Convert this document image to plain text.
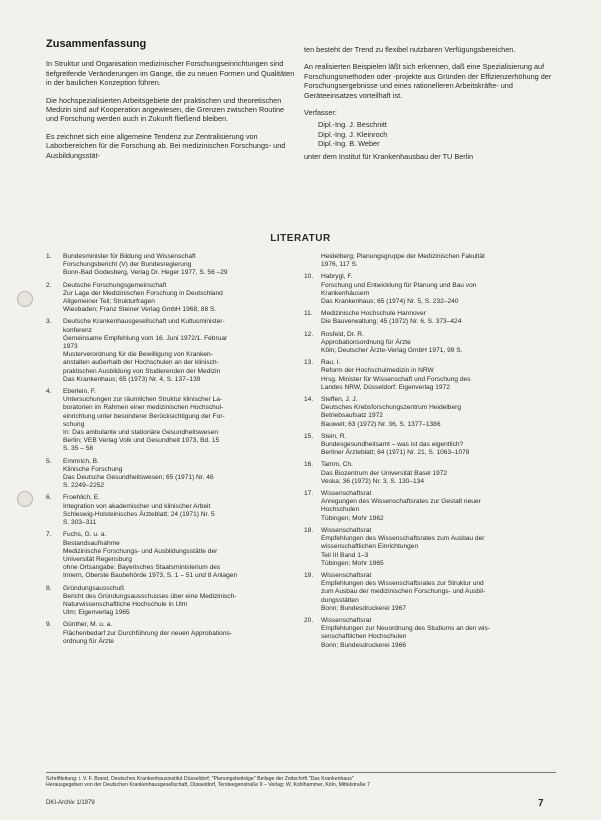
Zusammenfassung

In Struktur und Organisation medizinischer Forschungseinrichtungen sind tiefgreifende Veränderungen im Gange, die zu neuen Formen und Qualitäten in der baulichen Konzeption führen.

Die hochspezialisierten Arbeitsgebiete der praktischen und theoretischen Medizin sind auf Kooperation angewiesen, die Grenzen zwischen Routine und Forschung werden auch in Zukunft fließend bleiben.

Es zeichnet sich eine allgemeine Tendenz zur Zentralisierung von Laborbereichen für die Forschung ab. Bei medizinischen Forschungs- und Ausbildungsstät-

ten besteht der Trend zu flexibel nutzbaren Verfügungsbereichen.

An realisierten Beispielen läßt sich erkennen, daß eine Spezialisierung auf Forschungsmethoden oder -projekte aus Gründen der Effizienzerhöhung der Forschungsergebnisse und eines rationelleren Arbeitskräfte- und Geräteeinsatzes vorteilhaft ist.

Verfasser:

Dipl.-Ing. J. Beschnitt
Dipl.-Ing. J. Kleinroch
Dipl.-Ing. B. Weber

unter dem Institut für Krankenhausbau der TU Berlin

LITERATUR
1.	Bundesminister für Bildung und Wissenschaft
Forschungsbericht (V) der Bundesregierung
Bonn-Bad Godesberg, Verlag Dr. Heger 1977, S. 56 –29
2.	Deutsche Forschungsgemeinschaft
Zur Lage der Medizinischen Forschung in Deutschland
Allgemeiner Teil; Strukturfragen
Wiesbaden; Franz Steiner Verlag GmbH 1968, 88 S.
3.	Deutsche Krankenhausgesellschaft und Kultusminister-
konferenz
Gemeinsame Empfehlung vom 16. Juni 1972/1. Februar
1973
Musterverordnung für die Bewilligung von Kranken-
anstalten außerhalb der Hochschulen an der klinisch-
praktischen Ausbildung von Studierenden der Medizin
Das Krankenhaus; 65 (1973) Nr. 4, S. 137–139
4.	Eberlein, F.
Untersuchungen zur räumlichen Struktur klinischer La-
boratorien im Rahmen einer medizinischen Hochschul-
einrichtung unter besonderer Berücksichtigung der For-
schung
In: Das ambulante und stationäre Gesundheitswesen
Berlin; VEB Verlag Volk und Gesundheit 1973, Bd. 15
S. 35 – 58
5.	Emmrich, B.
Klinische Forschung
Das Deutsche Gesundheitswesen; 65 (1971) Nr. 46
S. 2249–2252
6.	Froehlich, E.
Integration von akademischer und klinischer Arbeit
Schleswig-Holsteinisches Ärzteblatt; 24 (1971) Nr. 5
S. 303–311
7.	Fuchs, G. u. a.
Bestandsaufnahme
Medizinische Forschungs- und Ausbildungsstätte der
Universität Regensburg
ohne Ortsangabe: Bayerisches Staatsministerium des
Innern, Oberste Baubehörde 1973, S. 1 – 51 und 8 Anlagen
8.	Gründungsausschuß
Bericht des Gründungsausschusses über eine Medizinisch-
Naturwissenschaftliche Hochschule in Ulm
Ulm; Eigenverlag 1965
9.	Günther, M. u. a.
Flächenbedarf zur Durchführung der neuen Approbations-
ordnung für Ärzte
Heidelberg; Planungsgruppe der Medizinischen Fakultät
1976, 117 S.
10.	Habrygl, F.
Forschung und Entwicklung für Planung und Bau von
Krankenhäusern
Das Krankenhaus; 65 (1974) Nr. 5, S. 232–240
11.	Medizinische Hochschule Hannover
Die Bauverwaltung; 45 (1972) Nr. 6, S. 373–424
12.	Rosfeld, Dr. R.
Approbationsordnung für Ärzte
Köln; Deutscher Ärzte-Verlag GmbH 1971, 99 S.
13.	Rau, I.
Reform der Hochschulmedizin in NRW
Hrsg. Minister für Wissenschaft und Forschung des
Landes NRW, Düsseldorf: Eigenverlag 1972
14.	Steffen, J. J.
Deutsches Krebsforschungszentrum Heidelberg
Betriebsaufsatz 1972
Bauwelt; 63 (1972) Nr. 36, S. 1377–1386
15.	Stein, R.
Bundesgesundheitsamt – was ist das eigentlich?
Berliner Ärzteblatt; 84 (1971) Nr. 21, S. 1063–1078
16.	Tamm, Ch.
Das Biozentrum der Universität Basel 1972
Veska; 36 (1972) Nr. 3, S. 130–134
17.	Wissenschaftsrat
Anregungen des Wissenschaftsrates zur Gestalt neuer
Hochschulen
Tübingen; Mohr 1962
18.	Wissenschaftsrat
Empfehlungen des Wissenschaftsrates zum Ausbau der
wissenschaftlichen Einrichtungen
Teil III Band 1–3
Tübingen; Mohr 1965
19.	Wissenschaftsrat
Empfehlungen des Wissenschaftsrates zur Struktur und
zum Ausbau der medizinischen Forschungs- und Ausbil-
dungsstätten
Bonn; Bundesdruckerei 1967
20.	Wissenschaftsrat
Empfehlungen zur Neuordnung des Studiums an den wis-
senschaftlichen Hochschulen
Bonn; Bundesdruckerei 1966
Schriftleitung: i. V. F. Brand, Deutsches Krankenhausinstitut Düsseldorf; "Planungsbeiträge" Beilage der Zeitschrift "Das Krankenhaus"
Herausgegeben von der Deutschen Krankenhausgesellschaft, Düsseldorf, Tersteegenstraße 9 – Verlag: W. Kohlhammer, Köln, Mittelstraße 7
DKI-Archiv 1/1979	7
